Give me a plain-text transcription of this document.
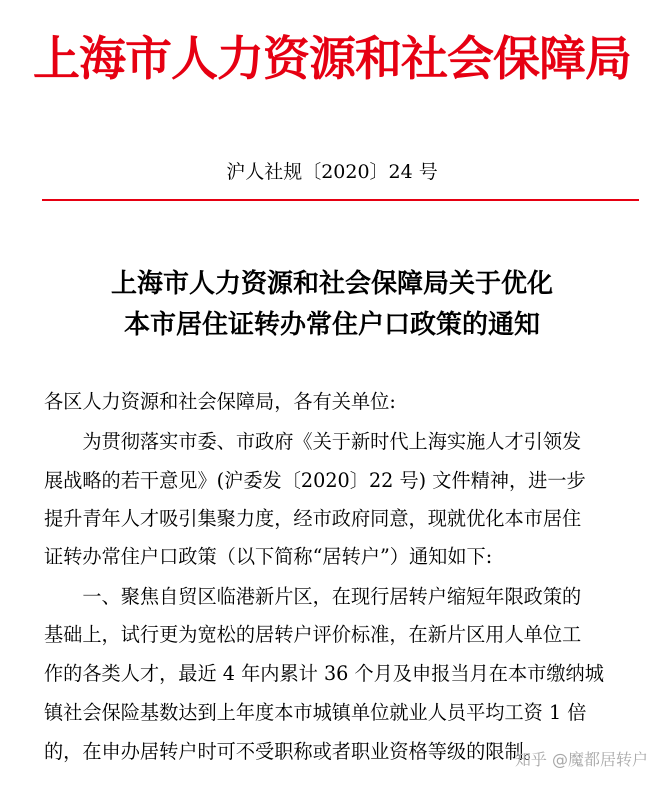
上海市人力资源和社会保障局
沪人社规〔2020〕24 号
上海市人力资源和社会保障局关于优化
本市居住证转办常住户口政策的通知
各区人力资源和社会保障局，各有关单位:
　　为贯彻落实市委、市政府《关于新时代上海实施人才引领发
展战略的若干意见》(沪委发〔2020〕22 号) 文件精神，进一步
提升青年人才吸引集聚力度，经市政府同意，现就优化本市居住
证转办常住户口政策（以下简称“居转户”）通知如下:
　　一、聚焦自贸区临港新片区，在现行居转户缩短年限政策的
基础上，试行更为宽松的居转户评价标准，在新片区用人单位工
作的各类人才，最近 4 年内累计 36 个月及申报当月在本市缴纳城
镇社会保险基数达到上年度本市城镇单位就业人员平均工资 1 倍
的，在申办居转户时可不受职称或者职业资格等级的限制。
知乎 @魔都居转户
